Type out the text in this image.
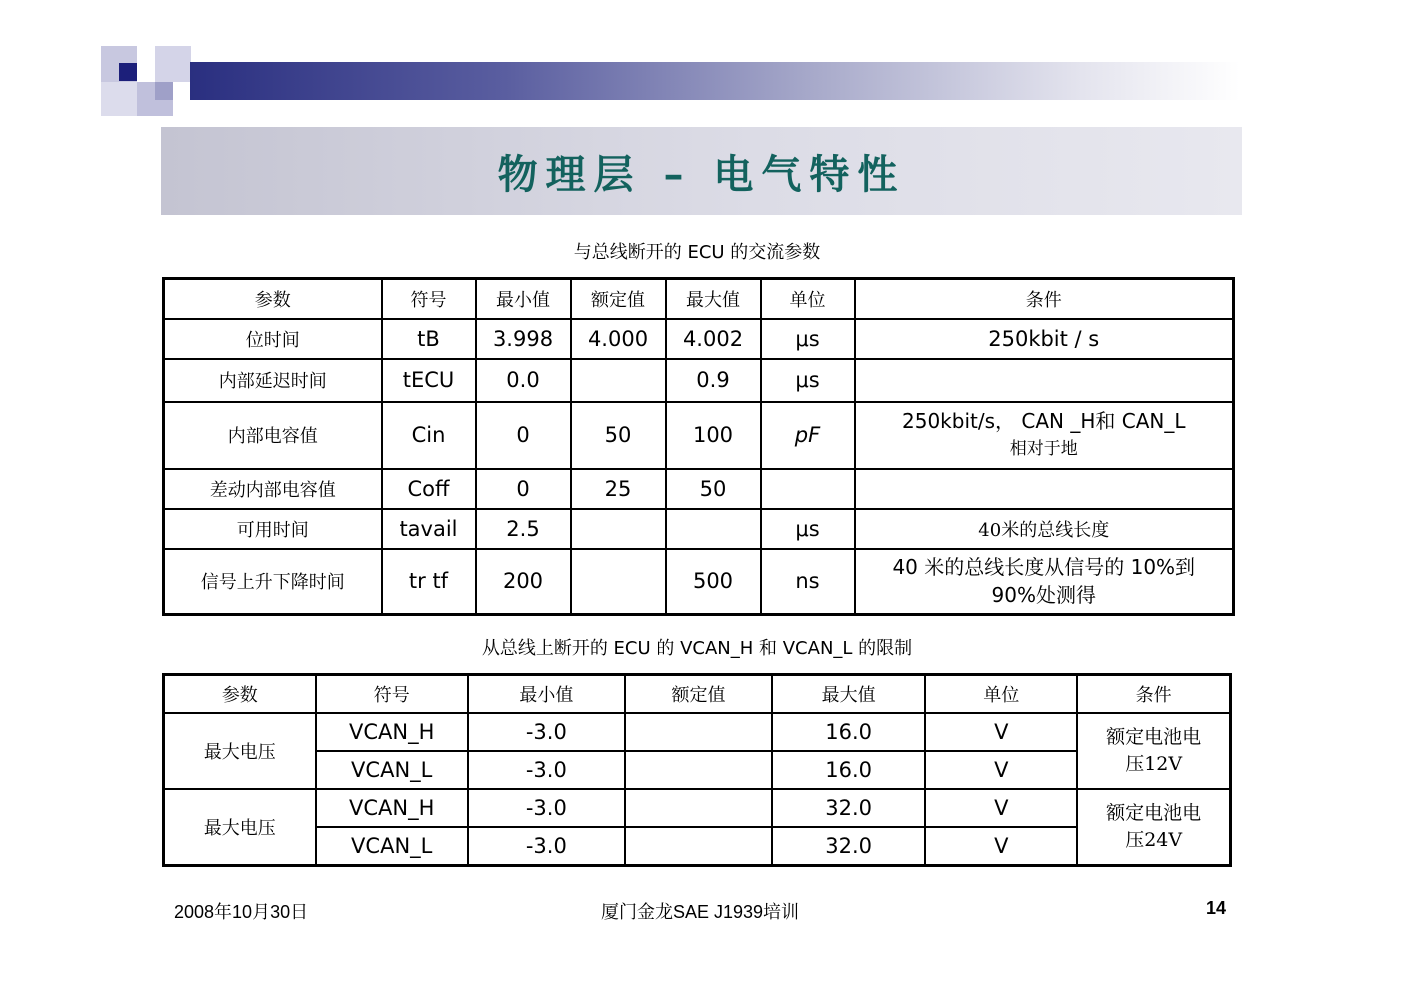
物理层 – 电气特性
与总线断开的 ECU 的交流参数
参数	符号	最小值	额定值	最大值	单位	条件
位时间	tB	3.998	4.000	4.002	μs	250kbit / s
内部延迟时间	tECU	0.0		0.9	μs	
内部电容值	Cin	0	50	100	pF	250kbit/s， CAN _H和 CAN_L
相对于地

差动内部电容值	Coff	0	25	50		
可用时间	tavail	2.5			μs	40米的总线长度
信号上升下降时间	tr tf	200		500	ns	40 米的总线长度从信号的 10%到
90%处测得
从总线上断开的 ECU 的 VCAN_H 和 VCAN_L 的限制
参数	符号	最小值	额定值	最大值	单位	条件
最大电压	VCAN_H	-3.0		16.0	V	额定电池电
压12V

	VCAN_L	-3.0		16.0	V	
最大电压	VCAN_H	-3.0		32.0	V	额定电池电
压24V

	VCAN_L	-3.0		32.0	V	
2008年10月30日	厦门金龙SAE J1939培训	14
